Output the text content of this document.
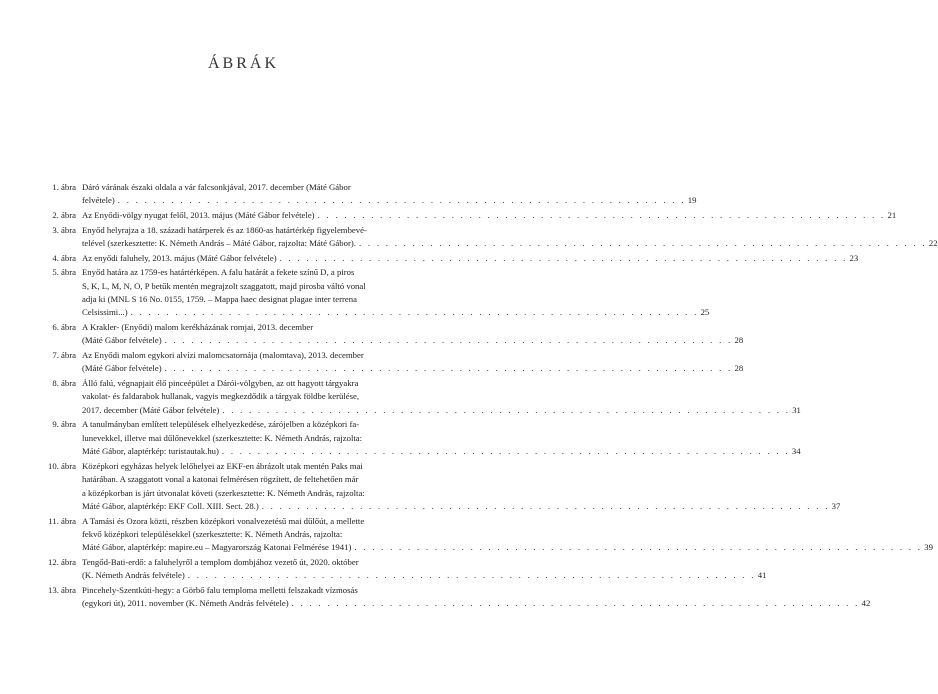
ÁBRÁK
1. ábra Dáró várának északi oldala a vár falcsonkjával, 2017. december (Máté Gábor
felvétele) . . . . . . . . . . . . . . . . . . . . . . . . . . . . . . . . . . . . . . . . . . . . . . . . . . . . . . . . . . . . . . . . 19
2. ábra Az Enyődi-völgy nyugat felől, 2013. május (Máté Gábor felvétele) . . . . . . . . . . . . . . . . . . . . . . . . . . . . . . . . . . . . . . . . . . . . . . . . . . . . . . . . . . . . . . . . 21
3. ábra Enyőd helyrajza a 18. századi határperek és az 1860-as határtérkép figyelembevé-
telével (szerkesztette: K. Németh András – Máté Gábor, rajzolta: Máté Gábor). . . . . . . . . . . . . . . . . . . . . . . . . . . . . . . . . . . . . . . . . . . . . . . . . . . . . . . . . . . . . . . . . 22
4. ábra Az enyődi faluhely, 2013. május (Máté Gábor felvétele) . . . . . . . . . . . . . . . . . . . . . . . . . . . . . . . . . . . . . . . . . . . . . . . . . . . . . . . . . . . . . . . . 23
5. ábra Enyőd határa az 1759-es határtérképen. A falu határát a fekete színű D, a piros
S, K, L, M, N, O, P betűk mentén megrajzolt szaggatott, majd pirosba váltó vonal
adja ki (MNL S 16 No. 0155, 1759. – Mappa haec designat plagae inter terrena
Celsissimi...) . . . . . . . . . . . . . . . . . . . . . . . . . . . . . . . . . . . . . . . . . . . . . . . . . . . . . . . . . . . . . . . . 25
6. ábra A Krakler- (Enyődi) malom kerékházának romjai, 2013. december
(Máté Gábor felvétele) . . . . . . . . . . . . . . . . . . . . . . . . . . . . . . . . . . . . . . . . . . . . . . . . . . . . . . . . . . . . . . . . 28
7. ábra Az Enyődi malom egykori alvízi malomcsatornája (malomtava), 2013. december
(Máté Gábor felvétele) . . . . . . . . . . . . . . . . . . . . . . . . . . . . . . . . . . . . . . . . . . . . . . . . . . . . . . . . . . . . . . . . 28
8. ábra Álló falú, végnapjait élő pinceépület a Dárói-völgyben, az ott hagyott tárgyakra
vakolat- és faldarabok hullanak, vagyis megkezdődik a tárgyak földbe kerülése,
2017. december (Máté Gábor felvétele) . . . . . . . . . . . . . . . . . . . . . . . . . . . . . . . . . . . . . . . . . . . . . . . . . . . . . . . . . . . . . . . . 31
9. ábra A tanulmányban említett települések elhelyezkedése, zárójelben a középkori fa-
lunevekkel, illetve mai dűlőnevekkel (szerkesztette: K. Németh András, rajzolta:
Máté Gábor, alaptérkép: turistautak.hu) . . . . . . . . . . . . . . . . . . . . . . . . . . . . . . . . . . . . . . . . . . . . . . . . . . . . . . . . . . . . . . . . 34
10. ábra Középkori egyházas helyek lelőhelyei az EKF-en ábrázolt utak mentén Paks mai
határában. A szaggatott vonal a katonai felmérésen rögzített, de feltehetően már
a középkorban is járt útvonalat követi (szerkesztette: K. Németh András, rajzolta:
Máté Gábor, alaptérkép: EKF Coll. XIII. Sect. 28.) . . . . . . . . . . . . . . . . . . . . . . . . . . . . . . . . . . . . . . . . . . . . . . . . . . . . . . . . . . . . . . . . 37
11. ábra A Tamási és Ozora közti, részben középkori vonalvezetésű mai dűlőút, a mellette
fekvő középkori településekkel (szerkesztette: K. Németh András, rajzolta:
Máté Gábor, alaptérkép: mapire.eu – Magyarország Katonai Felmérése 1941) . . . . . . . . . . . . . . . . . . . . . . . . . . . . . . . . . . . . . . . . . . . . . . . . . . . . . . . . . . . . . . . . 39
12. ábra Tengőd-Bati-erdő: a faluhelyről a templom dombjához vezető út, 2020. október
(K. Németh András felvétele) . . . . . . . . . . . . . . . . . . . . . . . . . . . . . . . . . . . . . . . . . . . . . . . . . . . . . . . . . . . . . . . . 41
13. ábra Pincehely-Szentkúti-hegy: a Görbő falu temploma melletti felszakadt vízmosás
(egykori út), 2011. november (K. Németh András felvétele) . . . . . . . . . . . . . . . . . . . . . . . . . . . . . . . . . . . . . . . . . . . . . . . . . . . . . . . . . . . . . . . . 42
